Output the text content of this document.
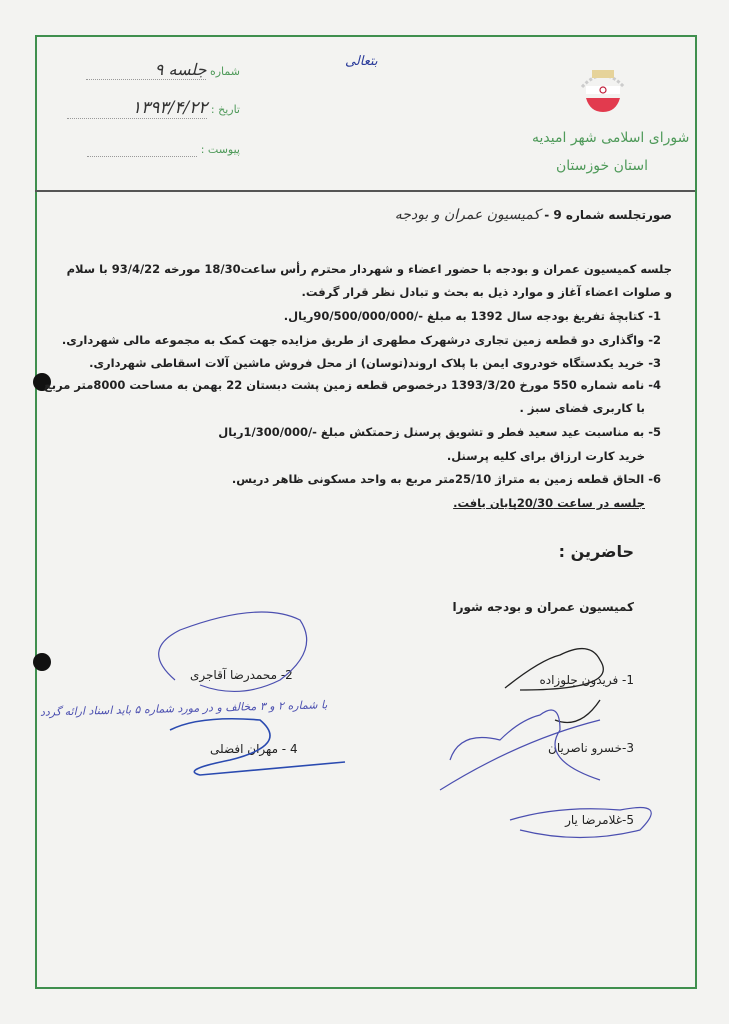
شورای اسلامی شهر امیدیه
استان خوزستان
بتعالی
شماره جلسه ۹
تاریخ : ۱۳۹۳/۴/۲۲
پیوست :
صورتجلسه شماره 9 - کمیسیون عمران و بودجه
جلسه کمیسیون عمران و بودجه با حضور اعضاء و شهردار محترم رأس ساعت18/30 مورخه 93/4/22 با سلام
و صلوات اعضاء آغاز و موارد ذیل به بحث و تبادل نظر قرار گرفت.
1- کتابچهٔ تفریغ بودجه سال 1392 به مبلغ -/90/500/000/000ریال.
2- واگذاری دو قطعه زمین تجاری درشهرک مطهری از طریق مزایده جهت کمک به مجموعه مالی شهرداری.
3- خرید یکدستگاه خودروی ایمن با پلاک اروند(توسان) از محل فروش ماشین آلات اسقاطی شهرداری.
4- نامه شماره 550 مورخ 1393/3/20 درخصوص قطعه زمین پشت دبستان 22 بهمن به مساحت 8000متر مربع
با کاربری فضای سبز .
5- به مناسبت عید سعید فطر و تشویق پرسنل زحمتکش مبلغ -/1/300/000ریال
خرید کارت ارزاق برای کلیه پرسنل.
6- الحاق قطعه زمین به متراژ 25/10متر مربع به واحد مسکونی ظاهر دریس.
جلسه در ساعت 20/30پایان یافت.
حاضرین :
کمیسیون عمران و بودجه شورا
1- فریدون جلوزاده
2- محمدرضا آقاجری
3-خسرو ناصریان
4 - مهران افضلی
5-غلامرضا یار
با شماره ۲ و ۳ مخالف و در مورد شماره ۵ باید اسناد ارائه گردد
